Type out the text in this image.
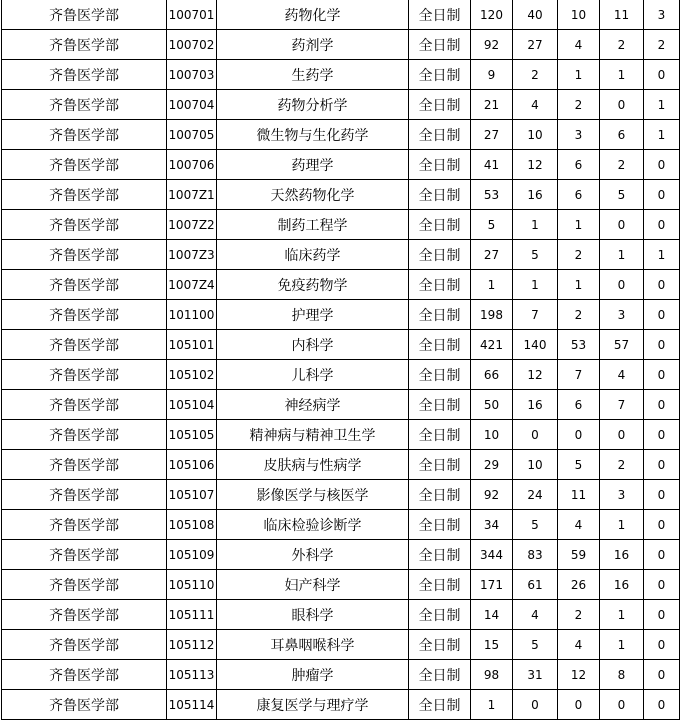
齐鲁医学部	100701	药物化学	全日制	120	40	10	11	3
齐鲁医学部	100702	药剂学	全日制	92	27	4	2	2
齐鲁医学部	100703	生药学	全日制	9	2	1	1	0
齐鲁医学部	100704	药物分析学	全日制	21	4	2	0	1
齐鲁医学部	100705	微生物与生化药学	全日制	27	10	3	6	1
齐鲁医学部	100706	药理学	全日制	41	12	6	2	0
齐鲁医学部	1007Z1	天然药物化学	全日制	53	16	6	5	0
齐鲁医学部	1007Z2	制药工程学	全日制	5	1	1	0	0
齐鲁医学部	1007Z3	临床药学	全日制	27	5	2	1	1
齐鲁医学部	1007Z4	免疫药物学	全日制	1	1	1	0	0
齐鲁医学部	101100	护理学	全日制	198	7	2	3	0
齐鲁医学部	105101	内科学	全日制	421	140	53	57	0
齐鲁医学部	105102	儿科学	全日制	66	12	7	4	0
齐鲁医学部	105104	神经病学	全日制	50	16	6	7	0
齐鲁医学部	105105	精神病与精神卫生学	全日制	10	0	0	0	0
齐鲁医学部	105106	皮肤病与性病学	全日制	29	10	5	2	0
齐鲁医学部	105107	影像医学与核医学	全日制	92	24	11	3	0
齐鲁医学部	105108	临床检验诊断学	全日制	34	5	4	1	0
齐鲁医学部	105109	外科学	全日制	344	83	59	16	0
齐鲁医学部	105110	妇产科学	全日制	171	61	26	16	0
齐鲁医学部	105111	眼科学	全日制	14	4	2	1	0
齐鲁医学部	105112	耳鼻咽喉科学	全日制	15	5	4	1	0
齐鲁医学部	105113	肿瘤学	全日制	98	31	12	8	0
齐鲁医学部	105114	康复医学与理疗学	全日制	1	0	0	0	0
